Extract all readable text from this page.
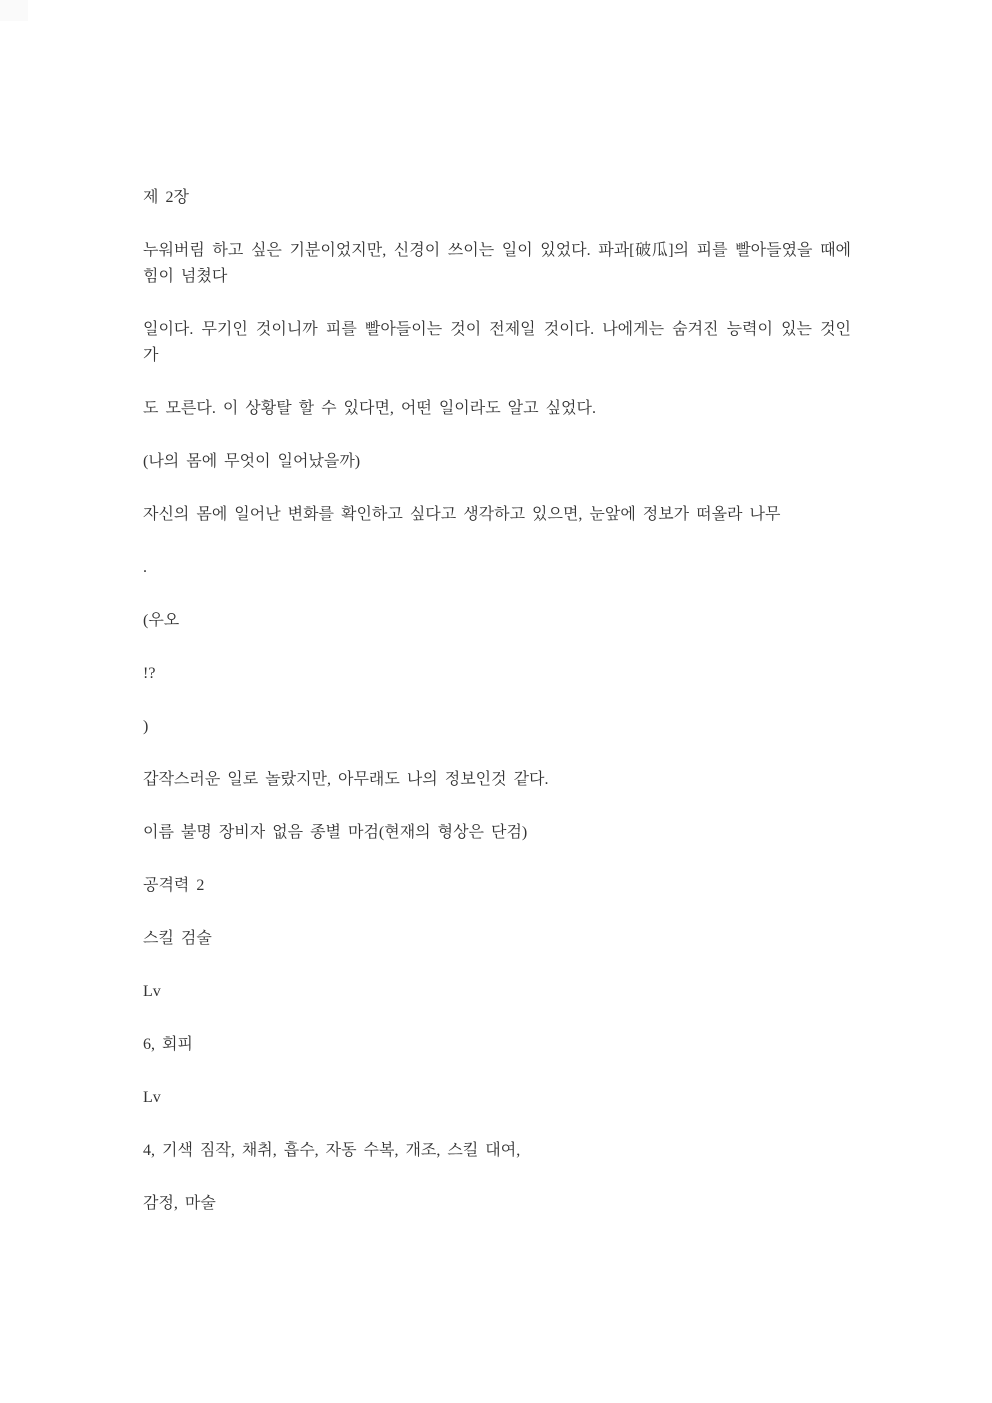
제 2장

누워버림 하고 싶은 기분이었지만, 신경이 쓰이는 일이 있었다. 파과[破瓜]의 피를 빨아들였을 때에 힘이 넘쳤다

일이다. 무기인 것이니까 피를 빨아들이는 것이 전제일 것이다. 나에게는 숨겨진 능력이 있는 것인가

도 모른다. 이 상황탈 할 수 있다면, 어떤 일이라도 알고 싶었다.

(나의 몸에 무엇이 일어났을까)

자신의 몸에 일어난 변화를 확인하고 싶다고 생각하고 있으면, 눈앞에 정보가 떠올라 나무

.

(우오

!?

)

갑작스러운 일로 놀랐지만, 아무래도 나의 정보인것 같다.

이름 불명 장비자 없음 종별 마검(현재의 형상은 단검)

공격력 2

스킬 검술

Lv

6, 회피

Lv

4, 기색 짐작, 채취, 흡수, 자동 수복, 개조, 스킬 대여,

감정, 마술
